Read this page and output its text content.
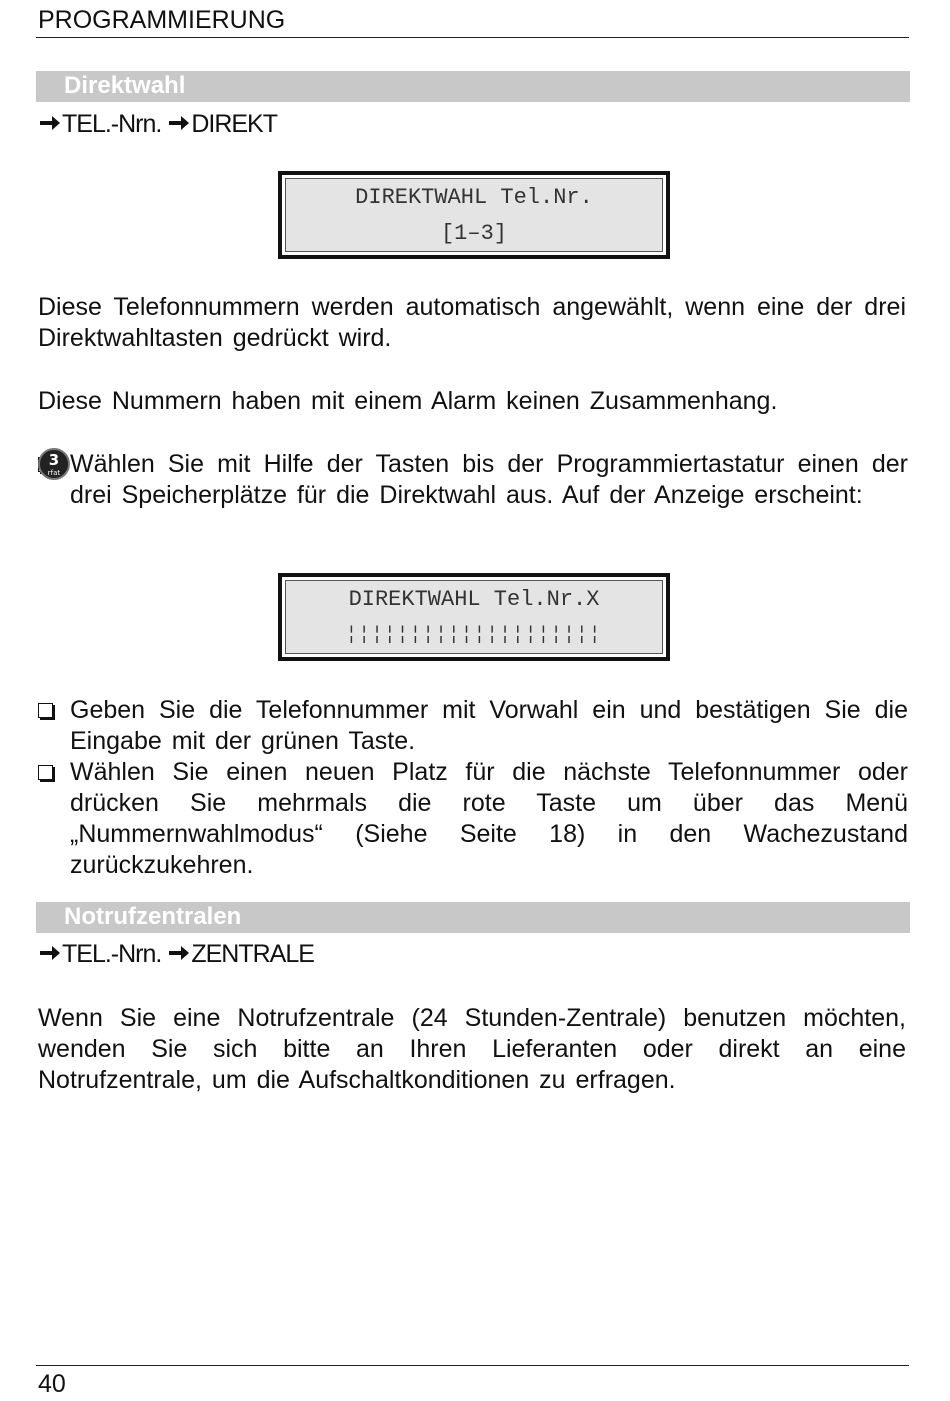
PROGRAMMIERUNG
Direktwahl
TEL.-Nrn. DIREKT
DIREKTWAHL Tel.Nr.
[1–3]
Diese Telefonnummern werden automatisch angewählt, wenn eine der drei Direktwahltasten gedrückt wird.
Diese Nummern haben mit einem Alarm keinen Zusammenhang.
Wählen Sie mit Hilfe der Tasten bis der Programmiertastatur einen der drei Speicherplätze für die Direktwahl aus. Auf der Anzeige erscheint:
3
rfat
DIREKTWAHL Tel.Nr.X
¦¦¦¦¦¦¦¦¦¦¦¦¦¦¦¦¦¦¦¦
Geben Sie die Telefonnummer mit Vorwahl ein und bestätigen Sie die Eingabe mit der grünen Taste.
Wählen Sie einen neuen Platz für die nächste Telefonnummer oder drücken Sie mehrmals die rote Taste um über das Menü „Nummernwahlmodus“ (Siehe Seite 18) in den Wachezustand zurückzukehren.
Notrufzentralen
TEL.-Nrn. ZENTRALE
Wenn Sie eine Notrufzentrale (24 Stunden-Zentrale) benutzen möchten, wenden Sie sich bitte an Ihren Lieferanten oder direkt an eine Notrufzentrale, um die Aufschaltkonditionen zu erfragen.
40
